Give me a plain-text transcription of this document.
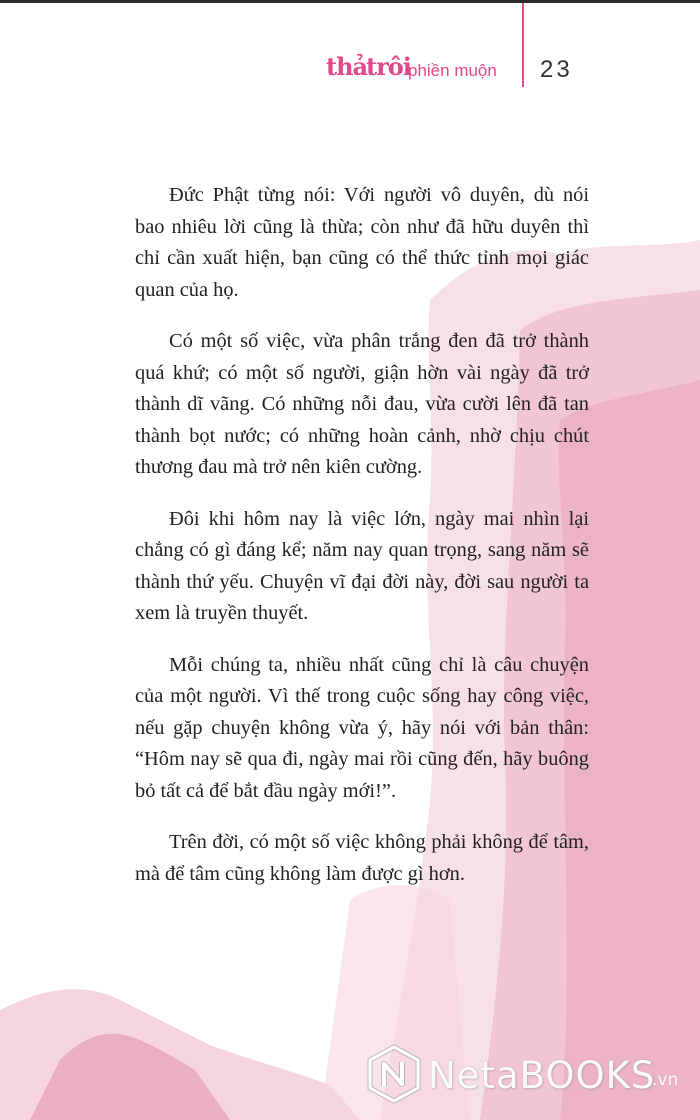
thả
trôi
phiền muộn 23

Đức Phật từng nói: Với người vô duyên, dù nói bao nhiêu lời cũng là thừa; còn như đã hữu duyên thì chỉ cần xuất hiện, bạn cũng có thể thức tỉnh mọi giác quan của họ.

Có một số việc, vừa phân trắng đen đã trở thành quá khứ; có một số người, giận hờn vài ngày đã trở thành dĩ vãng. Có những nỗi đau, vừa cười lên đã tan thành bọt nước; có những hoàn cảnh, nhờ chịu chút thương đau mà trở nên kiên cường.

Đôi khi hôm nay là việc lớn, ngày mai nhìn lại chẳng có gì đáng kể; năm nay quan trọng, sang năm sẽ thành thứ yếu. Chuyện vĩ đại đời này, đời sau người ta xem là truyền thuyết.

Mỗi chúng ta, nhiều nhất cũng chỉ là câu chuyện của một người. Vì thế trong cuộc sống hay công việc, nếu gặp chuyện không vừa ý, hãy nói với bản thân: “Hôm nay sẽ qua đi, ngày mai rồi cũng đến, hãy buông bỏ tất cả để bắt đầu ngày mới!”.

Trên đời, có một số việc không phải không để tâm, mà để tâm cũng không làm được gì hơn.

NetaBOOKS
.vn
